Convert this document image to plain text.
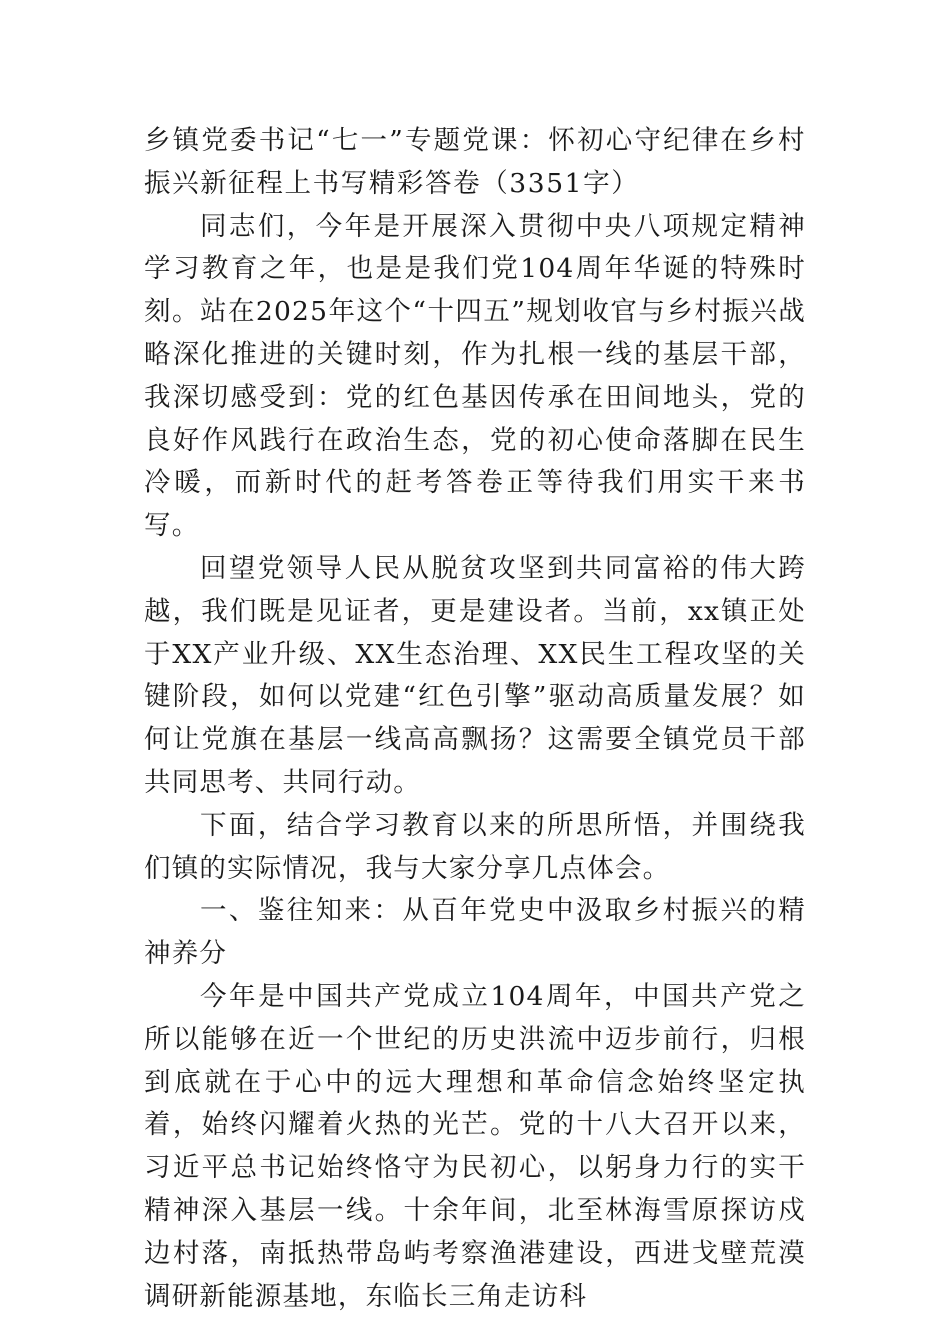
乡镇党委书记“七一”专题党课：怀初心守纪律在乡村振兴新征程上书写精彩答卷（3351字）

同志们，今年是开展深入贯彻中央八项规定精神学习教育之年，也是是我们党104周年华诞的特殊时刻。站在2025年这个“十四五”规划收官与乡村振兴战略深化推进的关键时刻，作为扎根一线的基层干部，我深切感受到：党的红色基因传承在田间地头，党的良好作风践行在政治生态，党的初心使命落脚在民生冷暖，而新时代的赶考答卷正等待我们用实干来书写。

回望党领导人民从脱贫攻坚到共同富裕的伟大跨越，我们既是见证者，更是建设者。当前，xx镇正处于XX产业升级、XX生态治理、XX民生工程攻坚的关键阶段，如何以党建“红色引擎”驱动高质量发展？如何让党旗在基层一线高高飘扬？这需要全镇党员干部共同思考、共同行动。

下面，结合学习教育以来的所思所悟，并围绕我们镇的实际情况，我与大家分享几点体会。

一、鉴往知来：从百年党史中汲取乡村振兴的精神养分

今年是中国共产党成立104周年，中国共产党之所以能够在近一个世纪的历史洪流中迈步前行，归根到底就在于心中的远大理想和革命信念始终坚定执着，始终闪耀着火热的光芒。党的十八大召开以来，习近平总书记始终恪守为民初心，以躬身力行的实干精神深入基层一线。十余年间，北至林海雪原探访戍边村落，南抵热带岛屿考察渔港建设，西进戈壁荒漠调研新能源基地，东临长三角走访科
